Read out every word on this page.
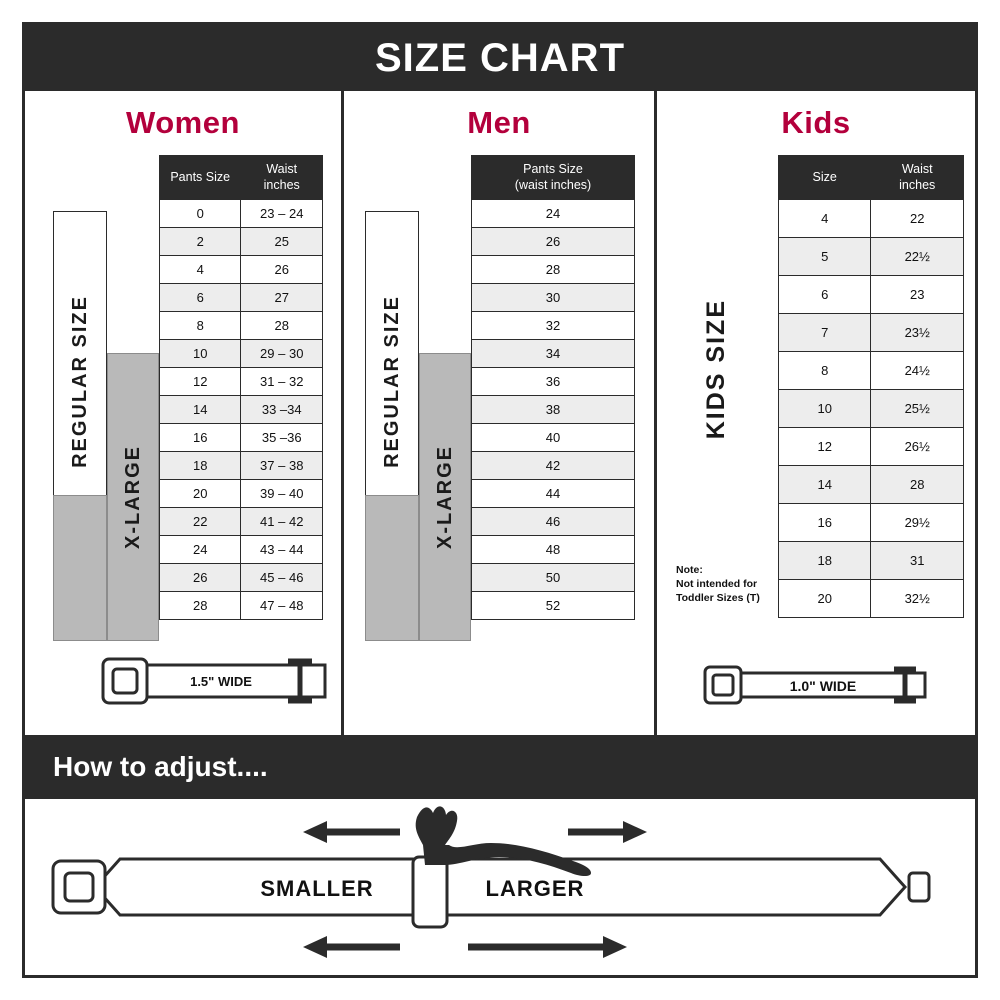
SIZE CHART
Women
REGULAR SIZE
X-LARGE
Pants Size	Waist
inches
0	23 – 24
2	25
4	26
6	27
8	28
10	29 – 30
12	31 – 32
14	33 –34
16	35 –36
18	37 – 38
20	39 – 40
22	41 – 42
24	43 – 44
26	45 – 46
28	47 – 48
1.5" WIDE
Men
REGULAR SIZE
X-LARGE
Pants Size
(waist inches)
24
26
28
30
32
34
36
38
40
42
44
46
48
50
52
Kids
KIDS SIZE
Note:
Not intended for
Toddler Sizes (T)
Size	Waist
inches
4	22
5	22½
6	23
7	23½
8	24½
10	25½
12	26½
14	28
16	29½
18	31
20	32½
1.0" WIDE
How to adjust....
SMALLER	LARGER
